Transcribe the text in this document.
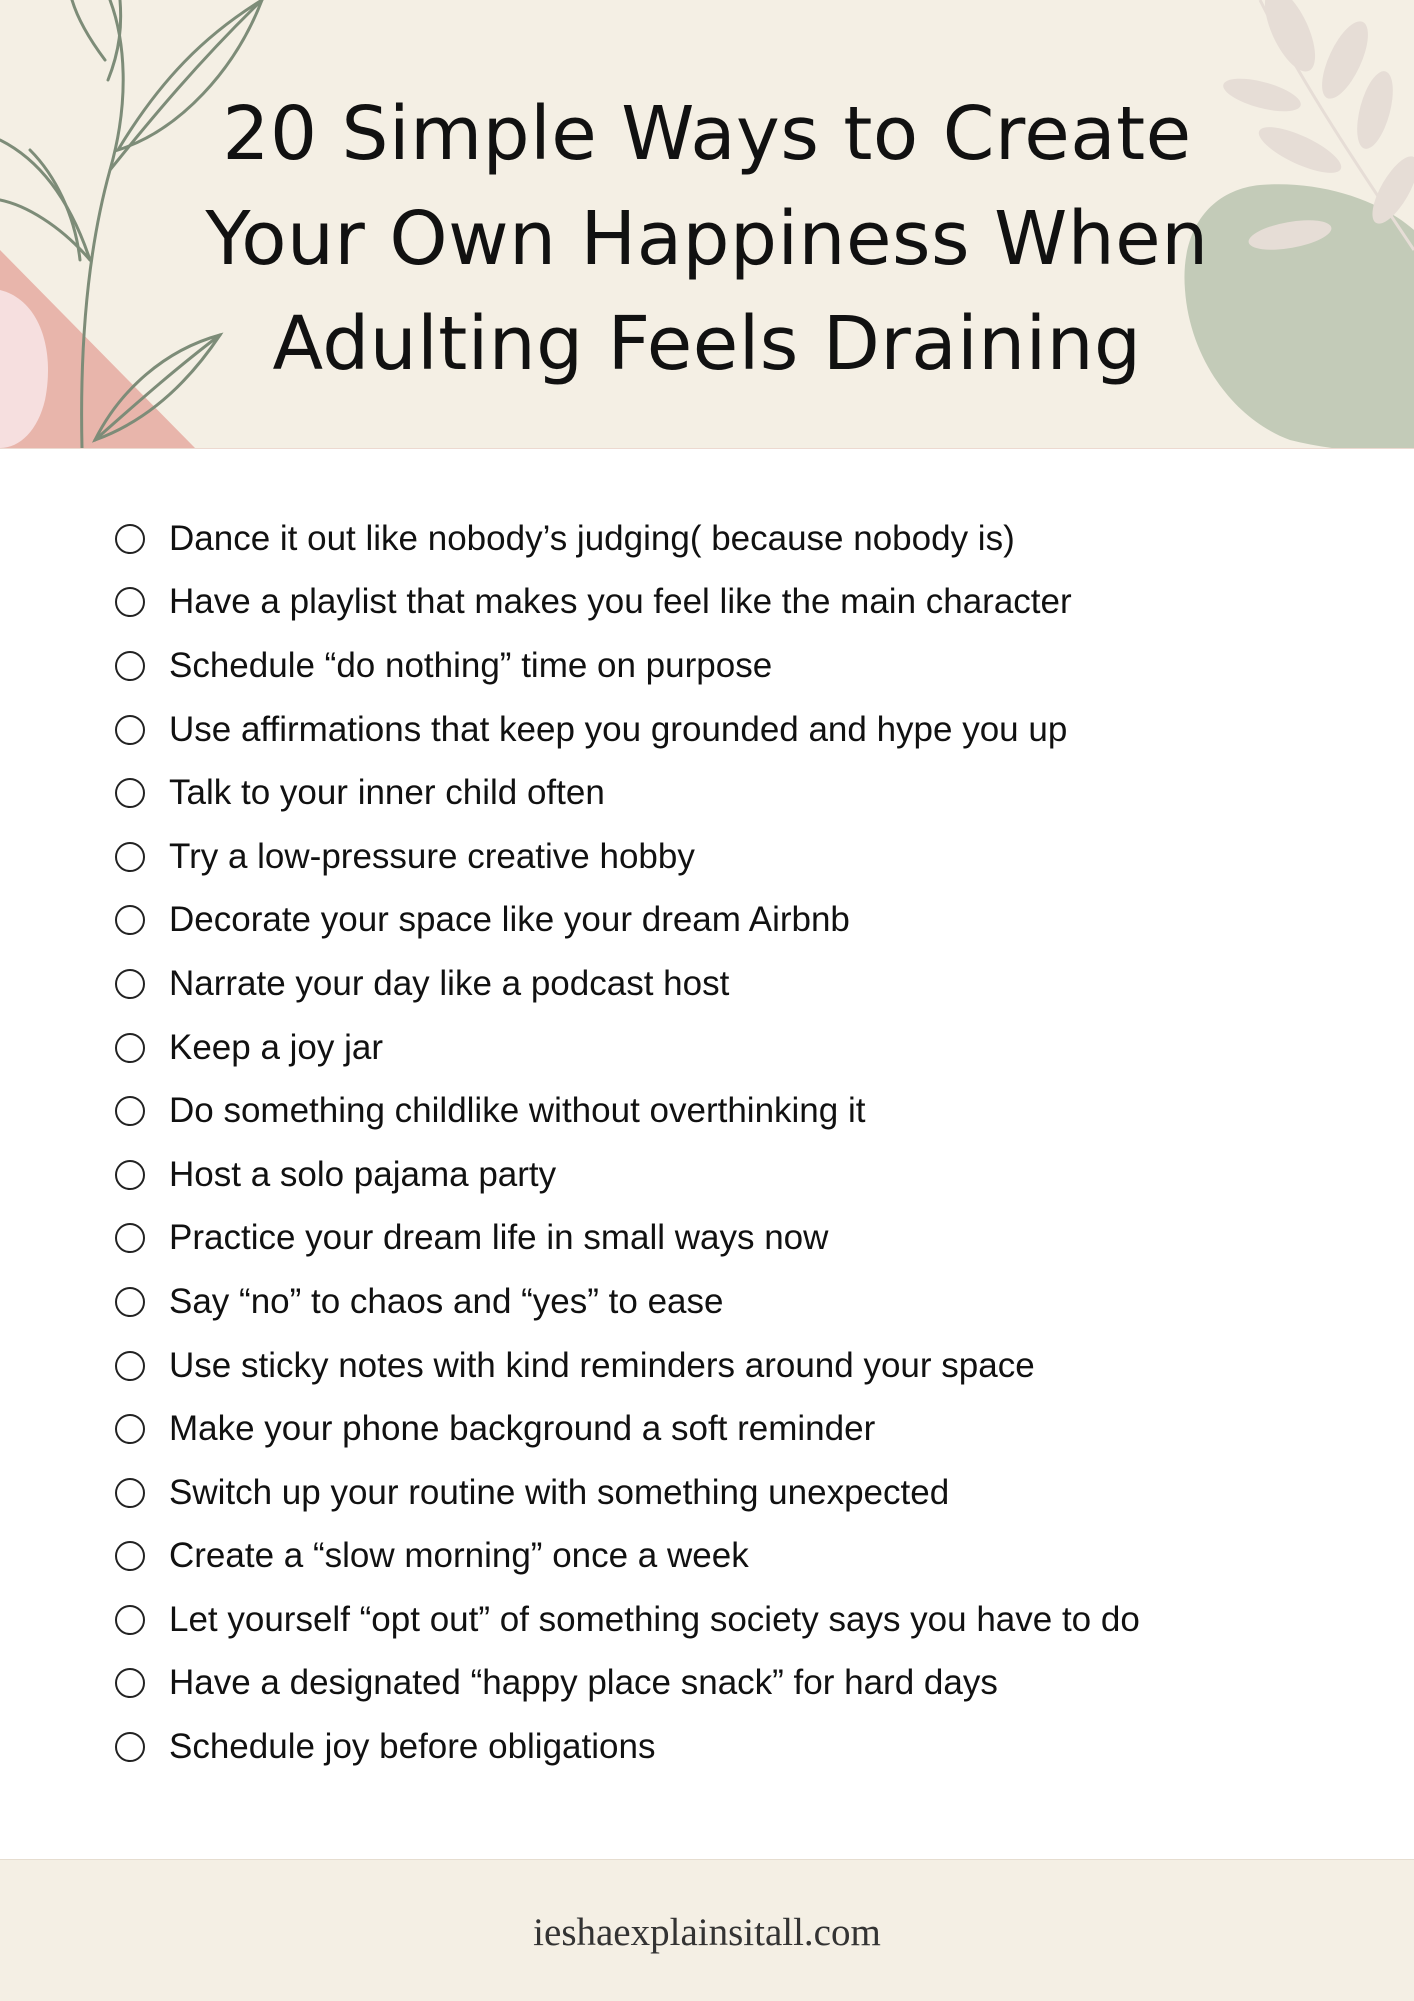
20 Simple Ways to Create
Your Own Happiness When
Adulting Feels Draining
Dance it out like nobody’s judging( because nobody is)
Have a playlist that makes you feel like the main character
Schedule “do nothing” time on purpose
Use affirmations that keep you grounded and hype you up
Talk to your inner child often
Try a low-pressure creative hobby
Decorate your space like your dream Airbnb
Narrate your day like a podcast host
Keep a joy jar
Do something childlike without overthinking it
Host a solo pajama party
Practice your dream life in small ways now
Say “no” to chaos and “yes” to ease
Use sticky notes with kind reminders around your space
Make your phone background a soft reminder
Switch up your routine with something unexpected
Create a “slow morning” once a week
Let yourself “opt out” of something society says you have to do
Have a designated “happy place snack” for hard days
Schedule joy before obligations
ieshaexplainsitall.com
